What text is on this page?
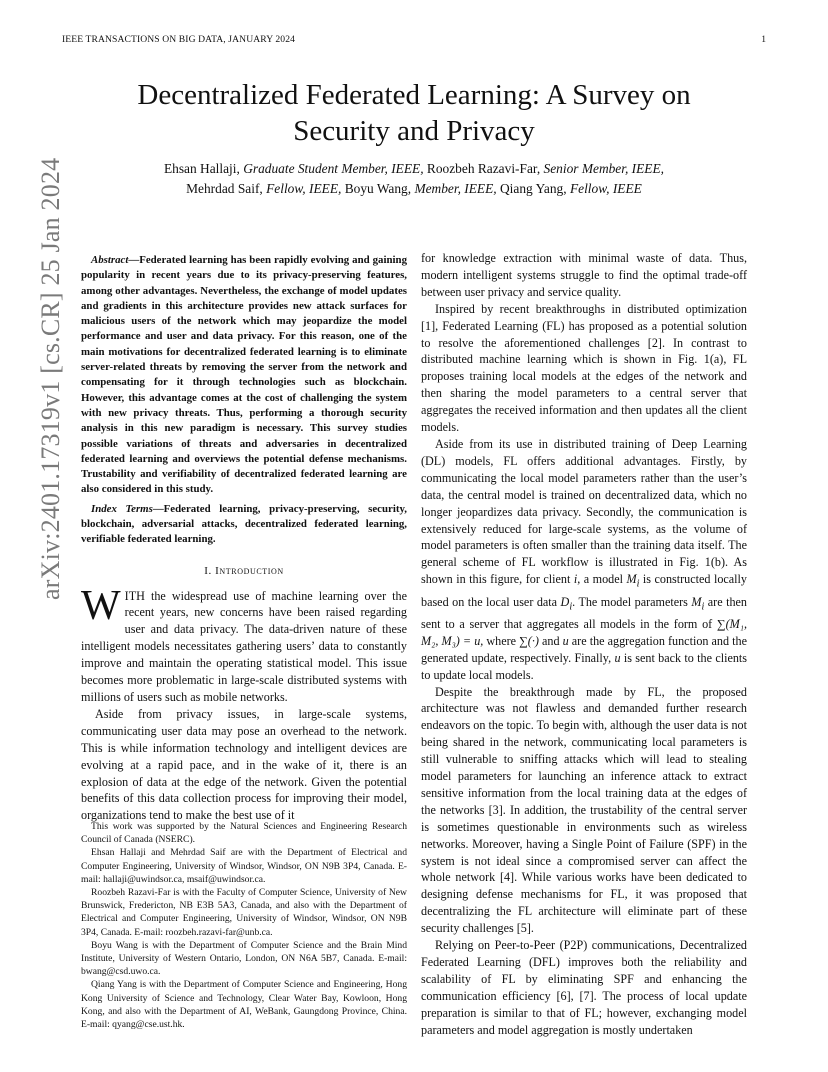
IEEE TRANSACTIONS ON BIG DATA, JANUARY 2024	1
arXiv:2401.17319v1 [cs.CR] 25 Jan 2024
Decentralized Federated Learning: A Survey on
Security and Privacy
Ehsan Hallaji, Graduate Student Member, IEEE, Roozbeh Razavi-Far, Senior Member, IEEE,
Mehrdad Saif, Fellow, IEEE, Boyu Wang, Member, IEEE, Qiang Yang, Fellow, IEEE

Abstract—Federated learning has been rapidly evolving and gaining popularity in recent years due to its privacy-preserving features, among other advantages. Nevertheless, the exchange of model updates and gradients in this architecture provides new attack surfaces for malicious users of the network which may jeopardize the model performance and user and data privacy. For this reason, one of the main motivations for decentralized federated learning is to eliminate server-related threats by removing the server from the network and compensating for it through technologies such as blockchain. However, this advantage comes at the cost of challenging the system with new privacy threats. Thus, performing a thorough security analysis in this new paradigm is necessary. This survey studies possible variations of threats and adversaries in decentralized federated learning and overviews the potential defense mechanisms. Trustability and verifiability of decentralized federated learning are also considered in this study.

Index Terms—Federated learning, privacy-preserving, security, blockchain, adversarial attacks, decentralized federated learning, verifiable federated learning.

I. Introduction

WITH the widespread use of machine learning over the recent years, new concerns have been raised regarding user and data privacy. The data-driven nature of these intelligent models necessitates gathering users’ data to constantly improve and maintain the operating statistical model. This issue becomes more problematic in large-scale distributed systems with millions of users such as mobile networks.

Aside from privacy issues, in large-scale systems, communicating user data may pose an overhead to the network. This is while information technology and intelligent devices are evolving at a rapid pace, and in the wake of it, there is an explosion of data at the edge of the network. Given the potential benefits of this data collection process for improving their model, organizations tend to make the best use of it

This work was supported by the Natural Sciences and Engineering Research Council of Canada (NSERC).

Ehsan Hallaji and Mehrdad Saif are with the Department of Electrical and Computer Engineering, University of Windsor, Windsor, ON N9B 3P4, Canada. E-mail: hallaji@uwindsor.ca, msaif@uwindsor.ca.

Roozbeh Razavi-Far is with the Faculty of Computer Science, University of New Brunswick, Fredericton, NB E3B 5A3, Canada, and also with the Department of Electrical and Computer Engineering, University of Windsor, Windsor, ON N9B 3P4, Canada. E-mail: roozbeh.razavi-far@unb.ca.

Boyu Wang is with the Department of Computer Science and the Brain Mind Institute, University of Western Ontario, London, ON N6A 5B7, Canada. E-mail: bwang@csd.uwo.ca.

Qiang Yang is with the Department of Computer Science and Engineering, Hong Kong University of Science and Technology, Clear Water Bay, Kowloon, Hong Kong, and also with the Department of AI, WeBank, Gaungdong Province, China. E-mail: qyang@cse.ust.hk.

for knowledge extraction with minimal waste of data. Thus, modern intelligent systems struggle to find the optimal trade-off between user privacy and service quality.

Inspired by recent breakthroughs in distributed optimization [1], Federated Learning (FL) has proposed as a potential solution to resolve the aforementioned challenges [2]. In contrast to distributed machine learning which is shown in Fig. 1(a), FL proposes training local models at the edges of the network and then sharing the model parameters to a central server that aggregates the received information and then updates all the client models.

Aside from its use in distributed training of Deep Learning (DL) models, FL offers additional advantages. Firstly, by communicating the local model parameters rather than the user’s data, the central model is trained on decentralized data, which no longer jeopardizes data privacy. Secondly, the communication is extensively reduced for large-scale systems, as the volume of model parameters is often smaller than the training data itself. The general scheme of FL workflow is illustrated in Fig. 1(b). As shown in this figure, for client i, a model $M_i$ is constructed locally based on the local user data $D_i$. The model parameters $M_i$ are then sent to a server that aggregates all models in the form of ∑(M₁, M₂, M₃) = u, where ∑(·) and u are the aggregation function and the generated update, respectively. Finally, u is sent back to the clients to update local models.

Despite the breakthrough made by FL, the proposed architecture was not flawless and demanded further research endeavors on the topic. To begin with, although the user data is not being shared in the network, communicating local parameters is still vulnerable to sniffing attacks which will lead to stealing model parameters for launching an inference attack to extract sensitive information from the local training data at the edges of the networks [3]. In addition, the trustability of the central server is sometimes questionable in environments such as wireless networks. Moreover, having a Single Point of Failure (SPF) in the system is not ideal since a compromised server can affect the whole network [4]. While various works have been dedicated to designing defense mechanisms for FL, it was proposed that decentralizing the FL architecture will eliminate part of these security challenges [5].

Relying on Peer-to-Peer (P2P) communications, Decentralized Federated Learning (DFL) improves both the reliability and scalability of FL by eliminating SPF and enhancing the communication efficiency [6], [7]. The process of local update preparation is similar to that of FL; however, exchanging model parameters and model aggregation is mostly undertaken
